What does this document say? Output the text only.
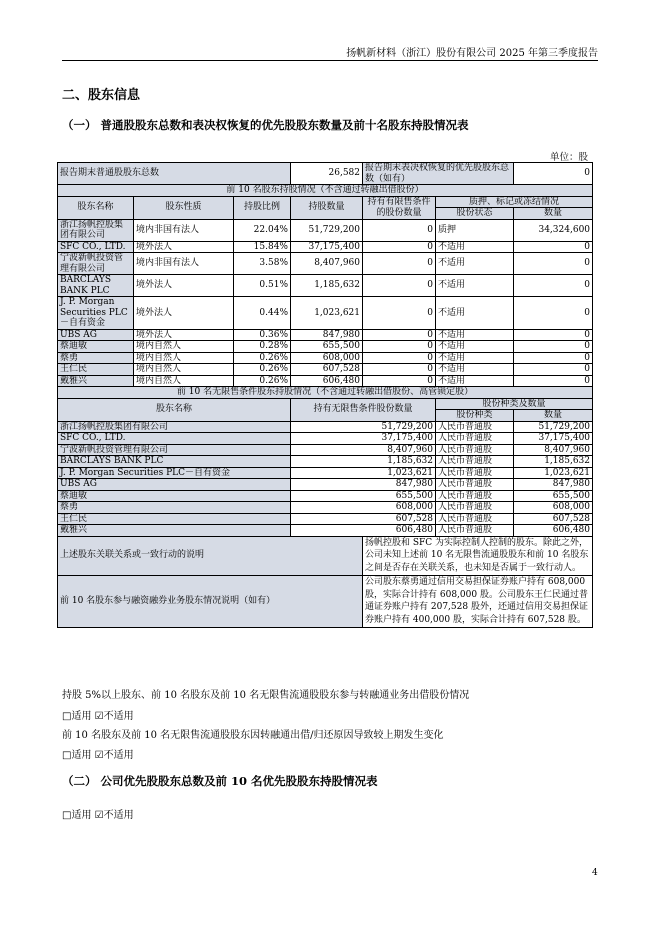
扬帆新材料（浙江）股份有限公司 2025 年第三季度报告
二、股东信息
（一） 普通股股东总数和表决权恢复的优先股股东数量及前十名股东持股情况表
单位：股
报告期末普通股股东总数			26,582	报告期末表决权恢复的优先股股东总数（如有）		0
前 10 名股东持股情况（不含通过转融出借股份）						
股东名称	股东性质	持股比例	持股数量	持有有限售条件的股份数量	质押、标记或冻结情况	
					股份状态	数量
浙江扬帆控股集团有限公司	境内非国有法人	22.04%	51,729,200	0	质押	34,324,600
SFC CO., LTD.	境外法人	15.84%	37,175,400	0	不适用	0
宁波新帆投资管理有限公司	境内非国有法人	3.58%	8,407,960	0	不适用	0
BARCLAYS BANK PLC	境外法人	0.51%	1,185,632	0	不适用	0
J. P. Morgan Securities PLC－自有资金	境外法人	0.44%	1,023,621	0	不适用	0
UBS AG	境外法人	0.36%	847,980	0	不适用	0
蔡迪敏	境内自然人	0.28%	655,500	0	不适用	0
蔡勇	境内自然人	0.26%	608,000	0	不适用	0
王仁民	境内自然人	0.26%	607,528	0	不适用	0
戴雅兴	境内自然人	0.26%	606,480	0	不适用	0
前 10 名无限售条件股东持股情况（不含通过转融出借股份、高管锁定股）						
股东名称			持有无限售条件股份数量		股份种类及数量	
					股份种类	数量
浙江扬帆控股集团有限公司			51,729,200		人民币普通股	51,729,200
SFC CO., LTD.			37,175,400		人民币普通股	37,175,400
宁波新帆投资管理有限公司			8,407,960		人民币普通股	8,407,960
BARCLAYS BANK PLC			1,185,632		人民币普通股	1,185,632
J. P. Morgan Securities PLC－自有资金			1,023,621		人民币普通股	1,023,621
UBS AG			847,980		人民币普通股	847,980
蔡迪敏			655,500		人民币普通股	655,500
蔡勇			608,000		人民币普通股	608,000
王仁民			607,528		人民币普通股	607,528
戴雅兴			606,480		人民币普通股	606,480
上述股东关联关系或一致行动的说明				扬帆控股和 SFC 为实际控制人控制的股东。除此之外，公司未知上述前 10 名无限售流通股股东和前 10 名股东之间是否存在关联关系，也未知是否属于一致行动人。		
前 10 名股东参与融资融券业务股东情况说明（如有）				公司股东蔡勇通过信用交易担保证券账户持有 608,000 股，实际合计持有 608,000 股。公司股东王仁民通过普通证券账户持有 207,528 股外，还通过信用交易担保证券账户持有 400,000 股，实际合计持有 607,528 股。		
持股 5%以上股东、前 10 名股东及前 10 名无限售流通股股东参与转融通业务出借股份情况
□适用 ☑不适用
前 10 名股东及前 10 名无限售流通股股东因转融通出借/归还原因导致较上期发生变化
□适用 ☑不适用
（二） 公司优先股股东总数及前 10 名优先股股东持股情况表
□适用 ☑不适用
4
